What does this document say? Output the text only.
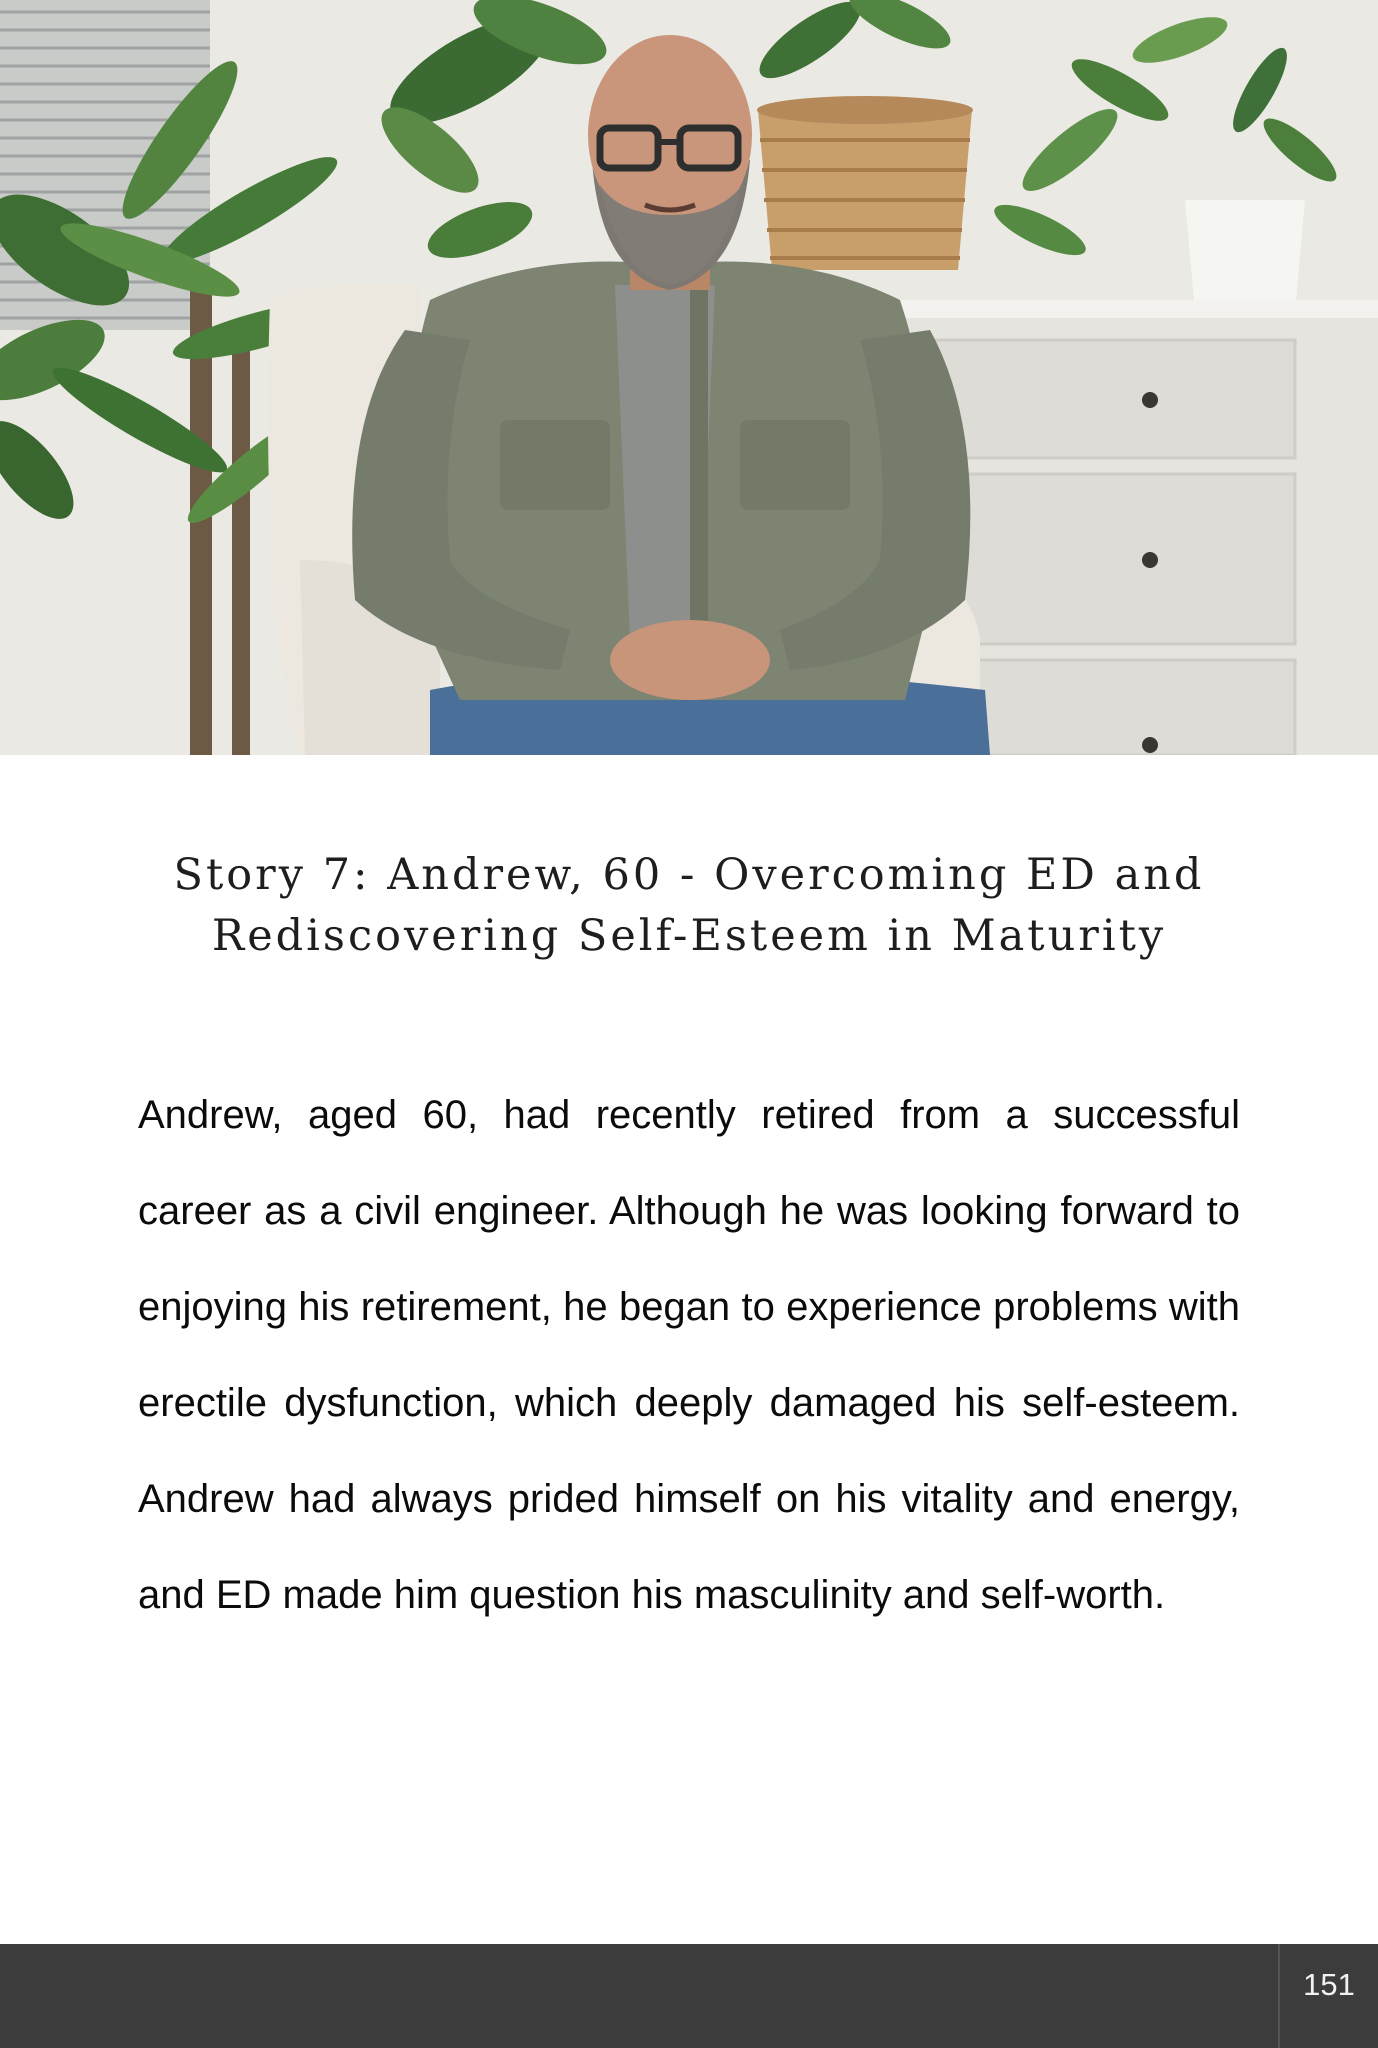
Story 7: Andrew, 60 - Overcoming ED and Rediscovering Self-Esteem in Maturity

Andrew, aged 60, had recently retired from a successful career as a civil engineer. Although he was looking forward to enjoying his retirement, he began to experience problems with erectile dysfunction, which deeply damaged his self-esteem. Andrew had always prided himself on his vitality and energy, and ED made him question his masculinity and self-worth.

151
